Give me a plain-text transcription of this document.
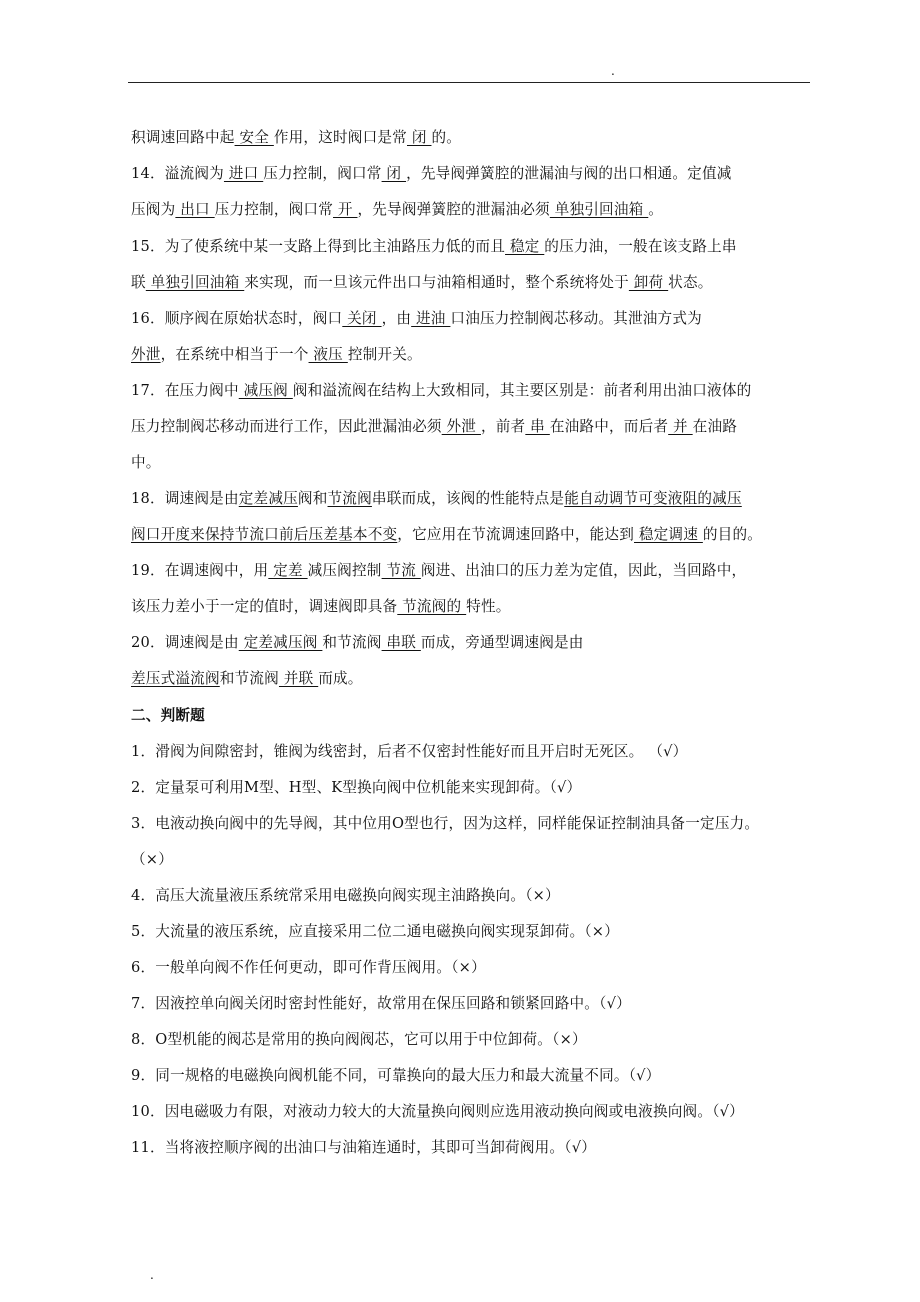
.
积调速回路中起 安全 作用，这时阀口是常 闭 的。
14．溢流阀为 进口 压力控制，阀口常 闭 ，先导阀弹簧腔的泄漏油与阀的出口相通。定值减
压阀为 出口 压力控制，阀口常 开 ，先导阀弹簧腔的泄漏油必须 单独引回油箱 。
15．为了使系统中某一支路上得到比主油路压力低的而且 稳定 的压力油，一般在该支路上串
联 单独引回油箱 来实现，而一旦该元件出口与油箱相通时，整个系统将处于 卸荷 状态。
16．顺序阀在原始状态时，阀口 关闭 ，由 进油 口油压力控制阀芯移动。其泄油方式为
外泄，在系统中相当于一个 液压 控制开关。
17．在压力阀中 减压阀 阀和溢流阀在结构上大致相同，其主要区别是：前者利用出油口液体的
压力控制阀芯移动而进行工作，因此泄漏油必须 外泄 ，前者 串 在油路中，而后者 并 在油路
中。
18．调速阀是由定差减压阀和节流阀串联而成，该阀的性能特点是能自动调节可变液阻的减压
阀口开度来保持节流口前后压差基本不变，它应用在节流调速回路中，能达到 稳定调速 的目的。
19．在调速阀中，用 定差 减压阀控制 节流 阀进、出油口的压力差为定值，因此，当回路中，
该压力差小于一定的值时，调速阀即具备 节流阀的 特性。
20．调速阀是由 定差减压阀 和节流阀 串联 而成，旁通型调速阀是由
差压式溢流阀和节流阀 并联 而成。
二、判断题
1．滑阀为间隙密封，锥阀为线密封，后者不仅密封性能好而且开启时无死区。 （√）
2．定量泵可利用M型、H型、K型换向阀中位机能来实现卸荷。（√）
3．电液动换向阀中的先导阀，其中位用O型也行，因为这样，同样能保证控制油具备一定压力。
（×）
4．高压大流量液压系统常采用电磁换向阀实现主油路换向。（×）
5．大流量的液压系统，应直接采用二位二通电磁换向阀实现泵卸荷。（×）
6．一般单向阀不作任何更动，即可作背压阀用。（×）
7．因液控单向阀关闭时密封性能好，故常用在保压回路和锁紧回路中。（√）
8．O型机能的阀芯是常用的换向阀阀芯，它可以用于中位卸荷。（×）
9．同一规格的电磁换向阀机能不同，可靠换向的最大压力和最大流量不同。（√）
10．因电磁吸力有限，对液动力较大的大流量换向阀则应选用液动换向阀或电液换向阀。（√）
11．当将液控顺序阀的出油口与油箱连通时，其即可当卸荷阀用。（√）
.
